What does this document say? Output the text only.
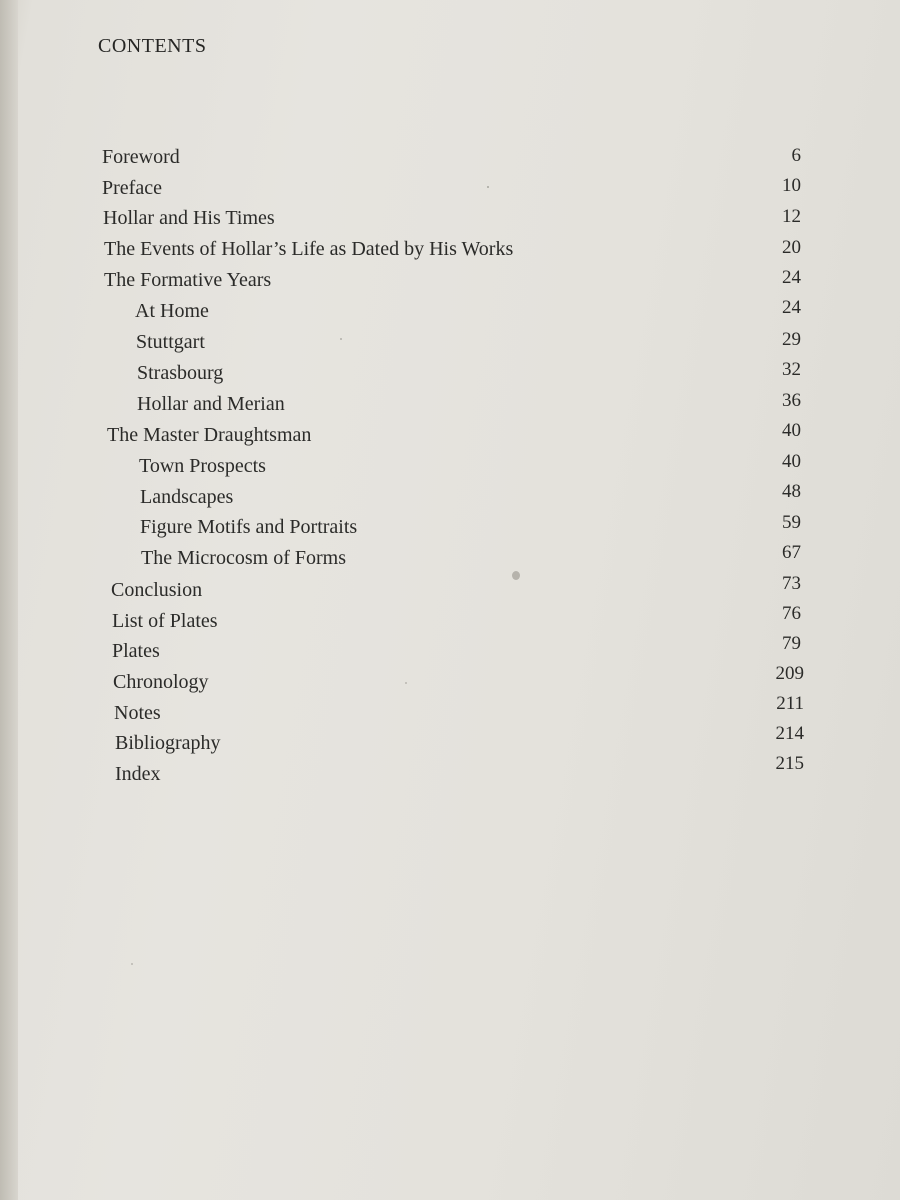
CONTENTS
Foreword	6
Preface	10
Hollar and His Times	12
The Events of Hollar’s Life as Dated by His Works	20
The Formative Years	24
At Home	24
Stuttgart	29
Strasbourg	32
Hollar and Merian	36
The Master Draughtsman	40
Town Prospects	40
Landscapes	48
Figure Motifs and Portraits	59
The Microcosm of Forms	67
Conclusion	73
List of Plates	76
Plates	79
Chronology	209
Notes	211
Bibliography	214
Index	215
